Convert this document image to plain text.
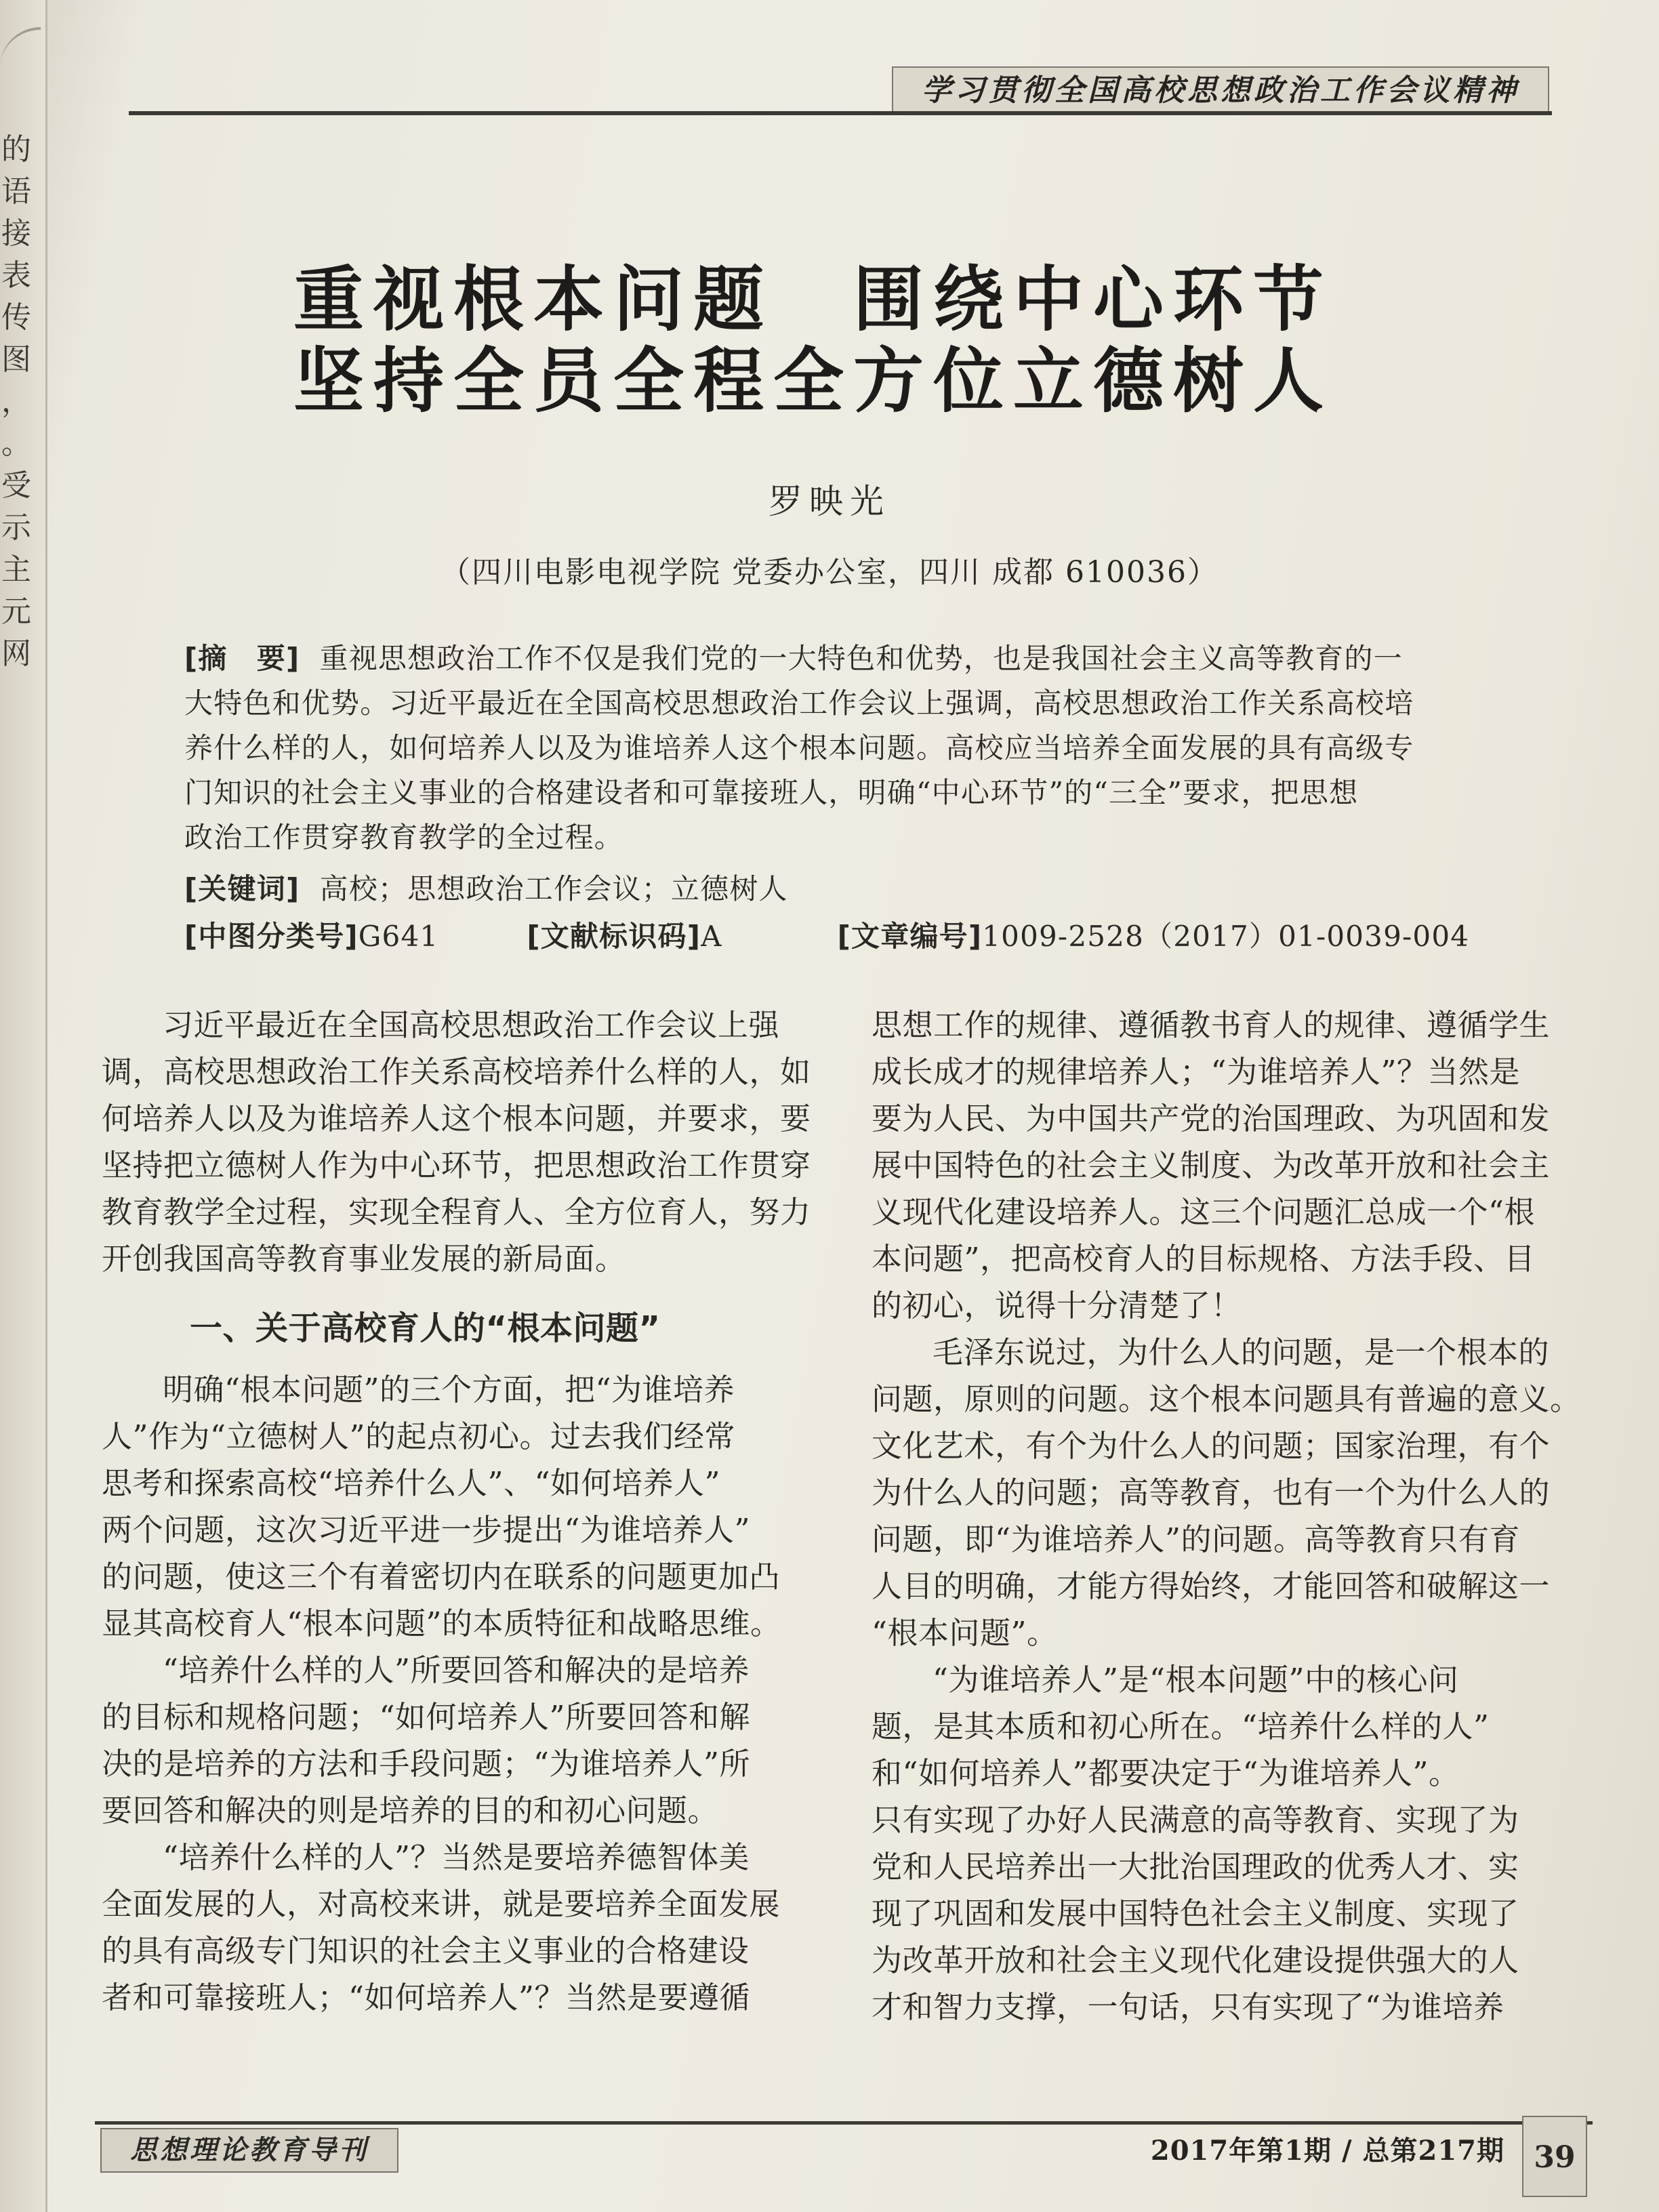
的
语
接
表
传
图
，
。
受
示
主
元
网
学习贯彻全国高校思想政治工作会议精神
重视根本问题　围绕中心环节
坚持全员全程全方位立德树人
罗映光
（四川电影电视学院 党委办公室，四川 成都 610036）
[摘　要] 重视思想政治工作不仅是我们党的一大特色和优势，也是我国社会主义高等教育的一
大特色和优势。习近平最近在全国高校思想政治工作会议上强调，高校思想政治工作关系高校培
养什么样的人，如何培养人以及为谁培养人这个根本问题。高校应当培养全面发展的具有高级专
门知识的社会主义事业的合格建设者和可靠接班人，明确“中心环节”的“三全”要求，把思想
政治工作贯穿教育教学的全过程。
[关键词] 高校；思想政治工作会议；立德树人
[中图分类号]G641	[文献标识码]A	[文章编号]1009-2528（2017）01-0039-004
习近平最近在全国高校思想政治工作会议上强
调，高校思想政治工作关系高校培养什么样的人，如
何培养人以及为谁培养人这个根本问题，并要求，要
坚持把立德树人作为中心环节，把思想政治工作贯穿
教育教学全过程，实现全程育人、全方位育人，努力
开创我国高等教育事业发展的新局面。
一、关于高校育人的“根本问题”
明确“根本问题”的三个方面，把“为谁培养
人”作为“立德树人”的起点初心。过去我们经常
思考和探索高校“培养什么人”、“如何培养人”
两个问题，这次习近平进一步提出“为谁培养人”
的问题，使这三个有着密切内在联系的问题更加凸
显其高校育人“根本问题”的本质特征和战略思维。
“培养什么样的人”所要回答和解决的是培养
的目标和规格问题；“如何培养人”所要回答和解
决的是培养的方法和手段问题；“为谁培养人”所
要回答和解决的则是培养的目的和初心问题。
“培养什么样的人”？当然是要培养德智体美
全面发展的人，对高校来讲，就是要培养全面发展
的具有高级专门知识的社会主义事业的合格建设
者和可靠接班人；“如何培养人”？当然是要遵循
思想工作的规律、遵循教书育人的规律、遵循学生
成长成才的规律培养人；“为谁培养人”？当然是
要为人民、为中国共产党的治国理政、为巩固和发
展中国特色的社会主义制度、为改革开放和社会主
义现代化建设培养人。这三个问题汇总成一个“根
本问题”，把高校育人的目标规格、方法手段、目
的初心，说得十分清楚了！
毛泽东说过，为什么人的问题，是一个根本的
问题，原则的问题。这个根本问题具有普遍的意义。
文化艺术，有个为什么人的问题；国家治理，有个
为什么人的问题；高等教育，也有一个为什么人的
问题，即“为谁培养人”的问题。高等教育只有育
人目的明确，才能方得始终，才能回答和破解这一
“根本问题”。
“为谁培养人”是“根本问题”中的核心问
题，是其本质和初心所在。“培养什么样的人”
和“如何培养人”都要决定于“为谁培养人”。
只有实现了办好人民满意的高等教育、实现了为
党和人民培养出一大批治国理政的优秀人才、实
现了巩固和发展中国特色社会主义制度、实现了
为改革开放和社会主义现代化建设提供强大的人
才和智力支撑，一句话，只有实现了“为谁培养
思想理论教育导刊	2017年第1期 / 总第217期 39
